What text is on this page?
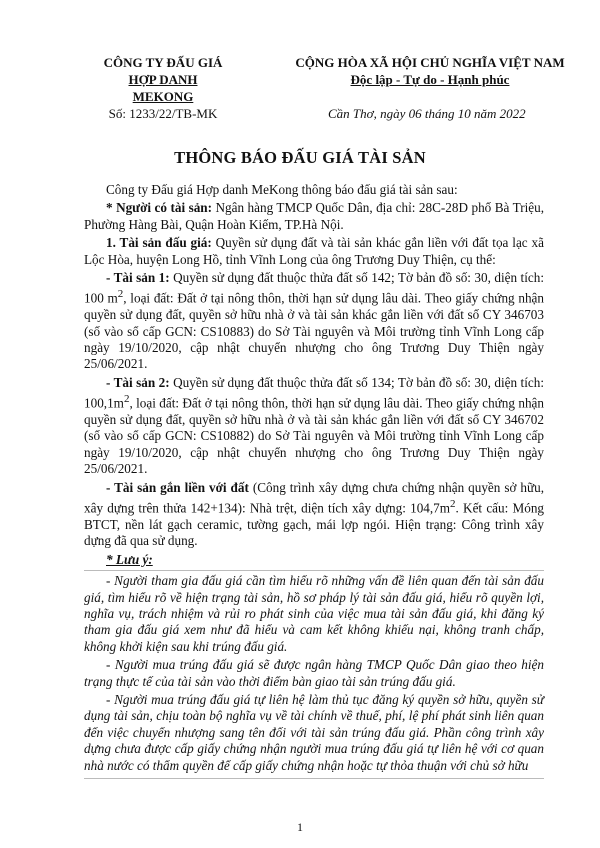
CÔNG TY ĐẤU GIÁ
HỢP DANH MEKONG
Số: 1233/22/TB-MK
CỘNG HÒA XÃ HỘI CHỦ NGHĨA VIỆT NAM
Độc lập - Tự do - Hạnh phúc
Cần Thơ, ngày 06 tháng 10 năm 2022
THÔNG BÁO ĐẤU GIÁ TÀI SẢN

Công ty Đấu giá Hợp danh MeKong thông báo đấu giá tài sản sau:

* Người có tài sản: Ngân hàng TMCP Quốc Dân, địa chỉ: 28C-28D phố Bà Triệu, Phường Hàng Bài, Quận Hoàn Kiếm, TP.Hà Nội.

1. Tài sản đấu giá: Quyền sử dụng đất và tài sản khác gắn liền với đất tọa lạc xã Lộc Hòa, huyện Long Hồ, tỉnh Vĩnh Long của ông Trương Duy Thiện, cụ thể:

- Tài sản 1: Quyền sử dụng đất thuộc thửa đất số 142; Tờ bản đồ số: 30, diện tích: 100 $m^2$, loại đất: Đất ở tại nông thôn, thời hạn sử dụng lâu dài. Theo giấy chứng nhận quyền sử dụng đất, quyền sở hữu nhà ở và tài sản khác gắn liền với đất số CY 346703 (số vào sổ cấp GCN: CS10883) do Sở Tài nguyên và Môi trường tỉnh Vĩnh Long cấp ngày 19/10/2020, cập nhật chuyển nhượng cho ông Trương Duy Thiện ngày 25/06/2021.

- Tài sản 2: Quyền sử dụng đất thuộc thửa đất số 134; Tờ bản đồ số: 30, diện tích: $100,1m^2$, loại đất: Đất ở tại nông thôn, thời hạn sử dụng lâu dài. Theo giấy chứng nhận quyền sử dụng đất, quyền sở hữu nhà ở và tài sản khác gắn liền với đất số CY 346702 (số vào sổ cấp GCN: CS10882) do Sở Tài nguyên và Môi trường tỉnh Vĩnh Long cấp ngày 19/10/2020, cập nhật chuyển nhượng cho ông Trương Duy Thiện ngày 25/06/2021.

- Tài sản gắn liền với đất (Công trình xây dựng chưa chứng nhận quyền sở hữu, xây dựng trên thửa 142+134): Nhà trệt, diện tích xây dựng: $104,7m^2$. Kết cấu: Móng BTCT, nền lát gạch ceramic, tường gạch, mái lợp ngói. Hiện trạng: Công trình xây dựng đã qua sử dụng.

* Lưu ý:

- Người tham gia đấu giá cần tìm hiểu rõ những vấn đề liên quan đến tài sản đấu giá, tìm hiểu rõ về hiện trạng tài sản, hồ sơ pháp lý tài sản đấu giá, hiểu rõ quyền lợi, nghĩa vụ, trách nhiệm và rủi ro phát sinh của việc mua tài sản đấu giá, khi đăng ký tham gia đấu giá xem như đã hiểu và cam kết không khiếu nại, không tranh chấp, không khởi kiện sau khi trúng đấu giá.

- Người mua trúng đấu giá sẽ được ngân hàng TMCP Quốc Dân giao theo hiện trạng thực tế của tài sản vào thời điểm bàn giao tài sản trúng đấu giá.

- Người mua trúng đấu giá tự liên hệ làm thủ tục đăng ký quyền sở hữu, quyền sử dụng tài sản, chịu toàn bộ nghĩa vụ về tài chính về thuế, phí, lệ phí phát sinh liên quan đến việc chuyển nhượng sang tên đối với tài sản trúng đấu giá. Phần công trình xây dựng chưa được cấp giấy chứng nhận người mua trúng đấu giá tự liên hệ với cơ quan nhà nước có thẩm quyền để cấp giấy chứng nhận hoặc tự thỏa thuận với chủ sở hữu

1
